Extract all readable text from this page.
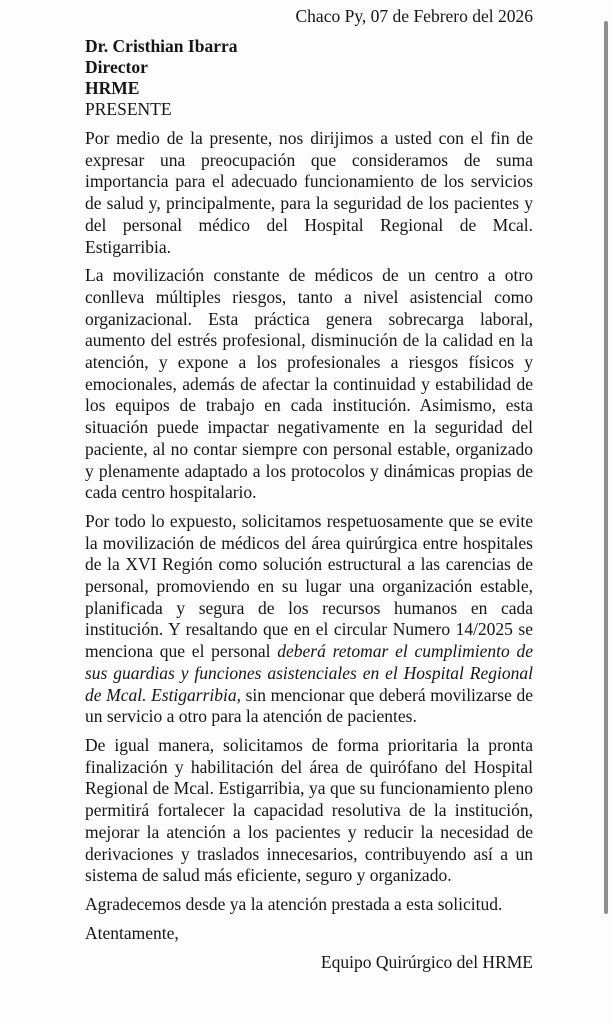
Chaco Py, 07 de Febrero del 2026
Dr. Cristhian Ibarra
Director
HRME
PRESENTE

Por medio de la presente, nos dirijimos a usted con el fin de expresar una preocupación que consideramos de suma importancia para el adecuado funcionamiento de los servicios de salud y, principalmente, para la seguridad de los pacientes y del personal médico del Hospital Regional de Mcal. Estigarribia.

La movilización constante de médicos de un centro a otro conlleva múltiples riesgos, tanto a nivel asistencial como organizacional. Esta práctica genera sobrecarga laboral, aumento del estrés profesional, disminución de la calidad en la atención, y expone a los profesionales a riesgos físicos y emocionales, además de afectar la continuidad y estabilidad de los equipos de trabajo en cada institución. Asimismo, esta situación puede impactar negativamente en la seguridad del paciente, al no contar siempre con personal estable, organizado y plenamente adaptado a los protocolos y dinámicas propias de cada centro hospitalario.

Por todo lo expuesto, solicitamos respetuosamente que se evite la movilización de médicos del área quirúrgica entre hospitales de la XVI Región como solución estructural a las carencias de personal, promoviendo en su lugar una organización estable, planificada y segura de los recursos humanos en cada institución. Y resaltando que en el circular Numero 14/2025 se menciona que el personal deberá retomar el cumplimiento de sus guardias y funciones asistenciales en el Hospital Regional de Mcal. Estigarribia, sin mencionar que deberá movilizarse de un servicio a otro para la atención de pacientes.

De igual manera, solicitamos de forma prioritaria la pronta finalización y habilitación del área de quirófano del Hospital Regional de Mcal. Estigarribia, ya que su funcionamiento pleno permitirá fortalecer la capacidad resolutiva de la institución, mejorar la atención a los pacientes y reducir la necesidad de derivaciones y traslados innecesarios, contribuyendo así a un sistema de salud más eficiente, seguro y organizado.

Agradecemos desde ya la atención prestada a esta solicitud.

Atentamente,

Equipo Quirúrgico del HRME
